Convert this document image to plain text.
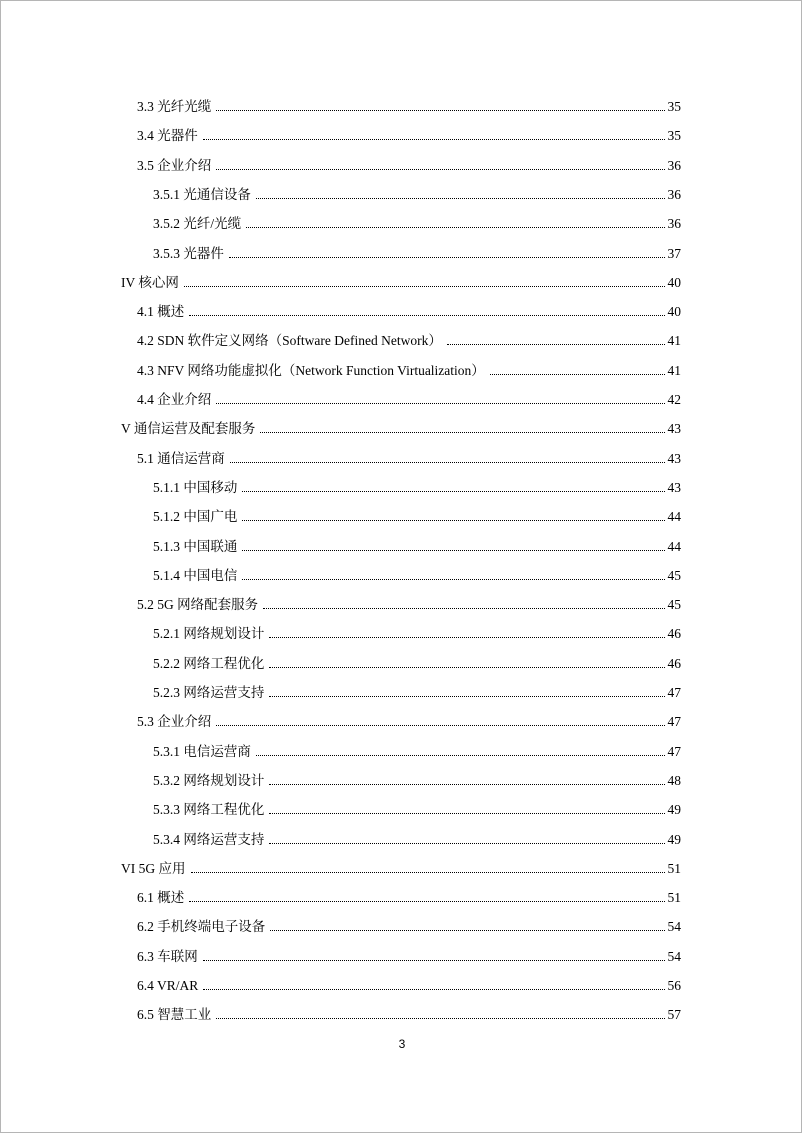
3.3 光纤光缆	35
3.4 光器件	35
3.5 企业介绍	36
3.5.1 光通信设备	36
3.5.2 光纤/光缆	36
3.5.3 光器件	37
IV 核心网	40
4.1 概述	40
4.2 SDN 软件定义网络（Software Defined Network）	41
4.3 NFV 网络功能虚拟化（Network Function Virtualization）	41
4.4 企业介绍	42
V 通信运营及配套服务	43
5.1 通信运营商	43
5.1.1 中国移动	43
5.1.2 中国广电	44
5.1.3 中国联通	44
5.1.4 中国电信	45
5.2 5G 网络配套服务	45
5.2.1 网络规划设计	46
5.2.2 网络工程优化	46
5.2.3 网络运营支持	47
5.3 企业介绍	47
5.3.1 电信运营商	47
5.3.2 网络规划设计	48
5.3.3 网络工程优化	49
5.3.4 网络运营支持	49
VI 5G 应用	51
6.1 概述	51
6.2 手机终端电子设备	54
6.3 车联网	54
6.4 VR/AR	56
6.5 智慧工业	57
3
